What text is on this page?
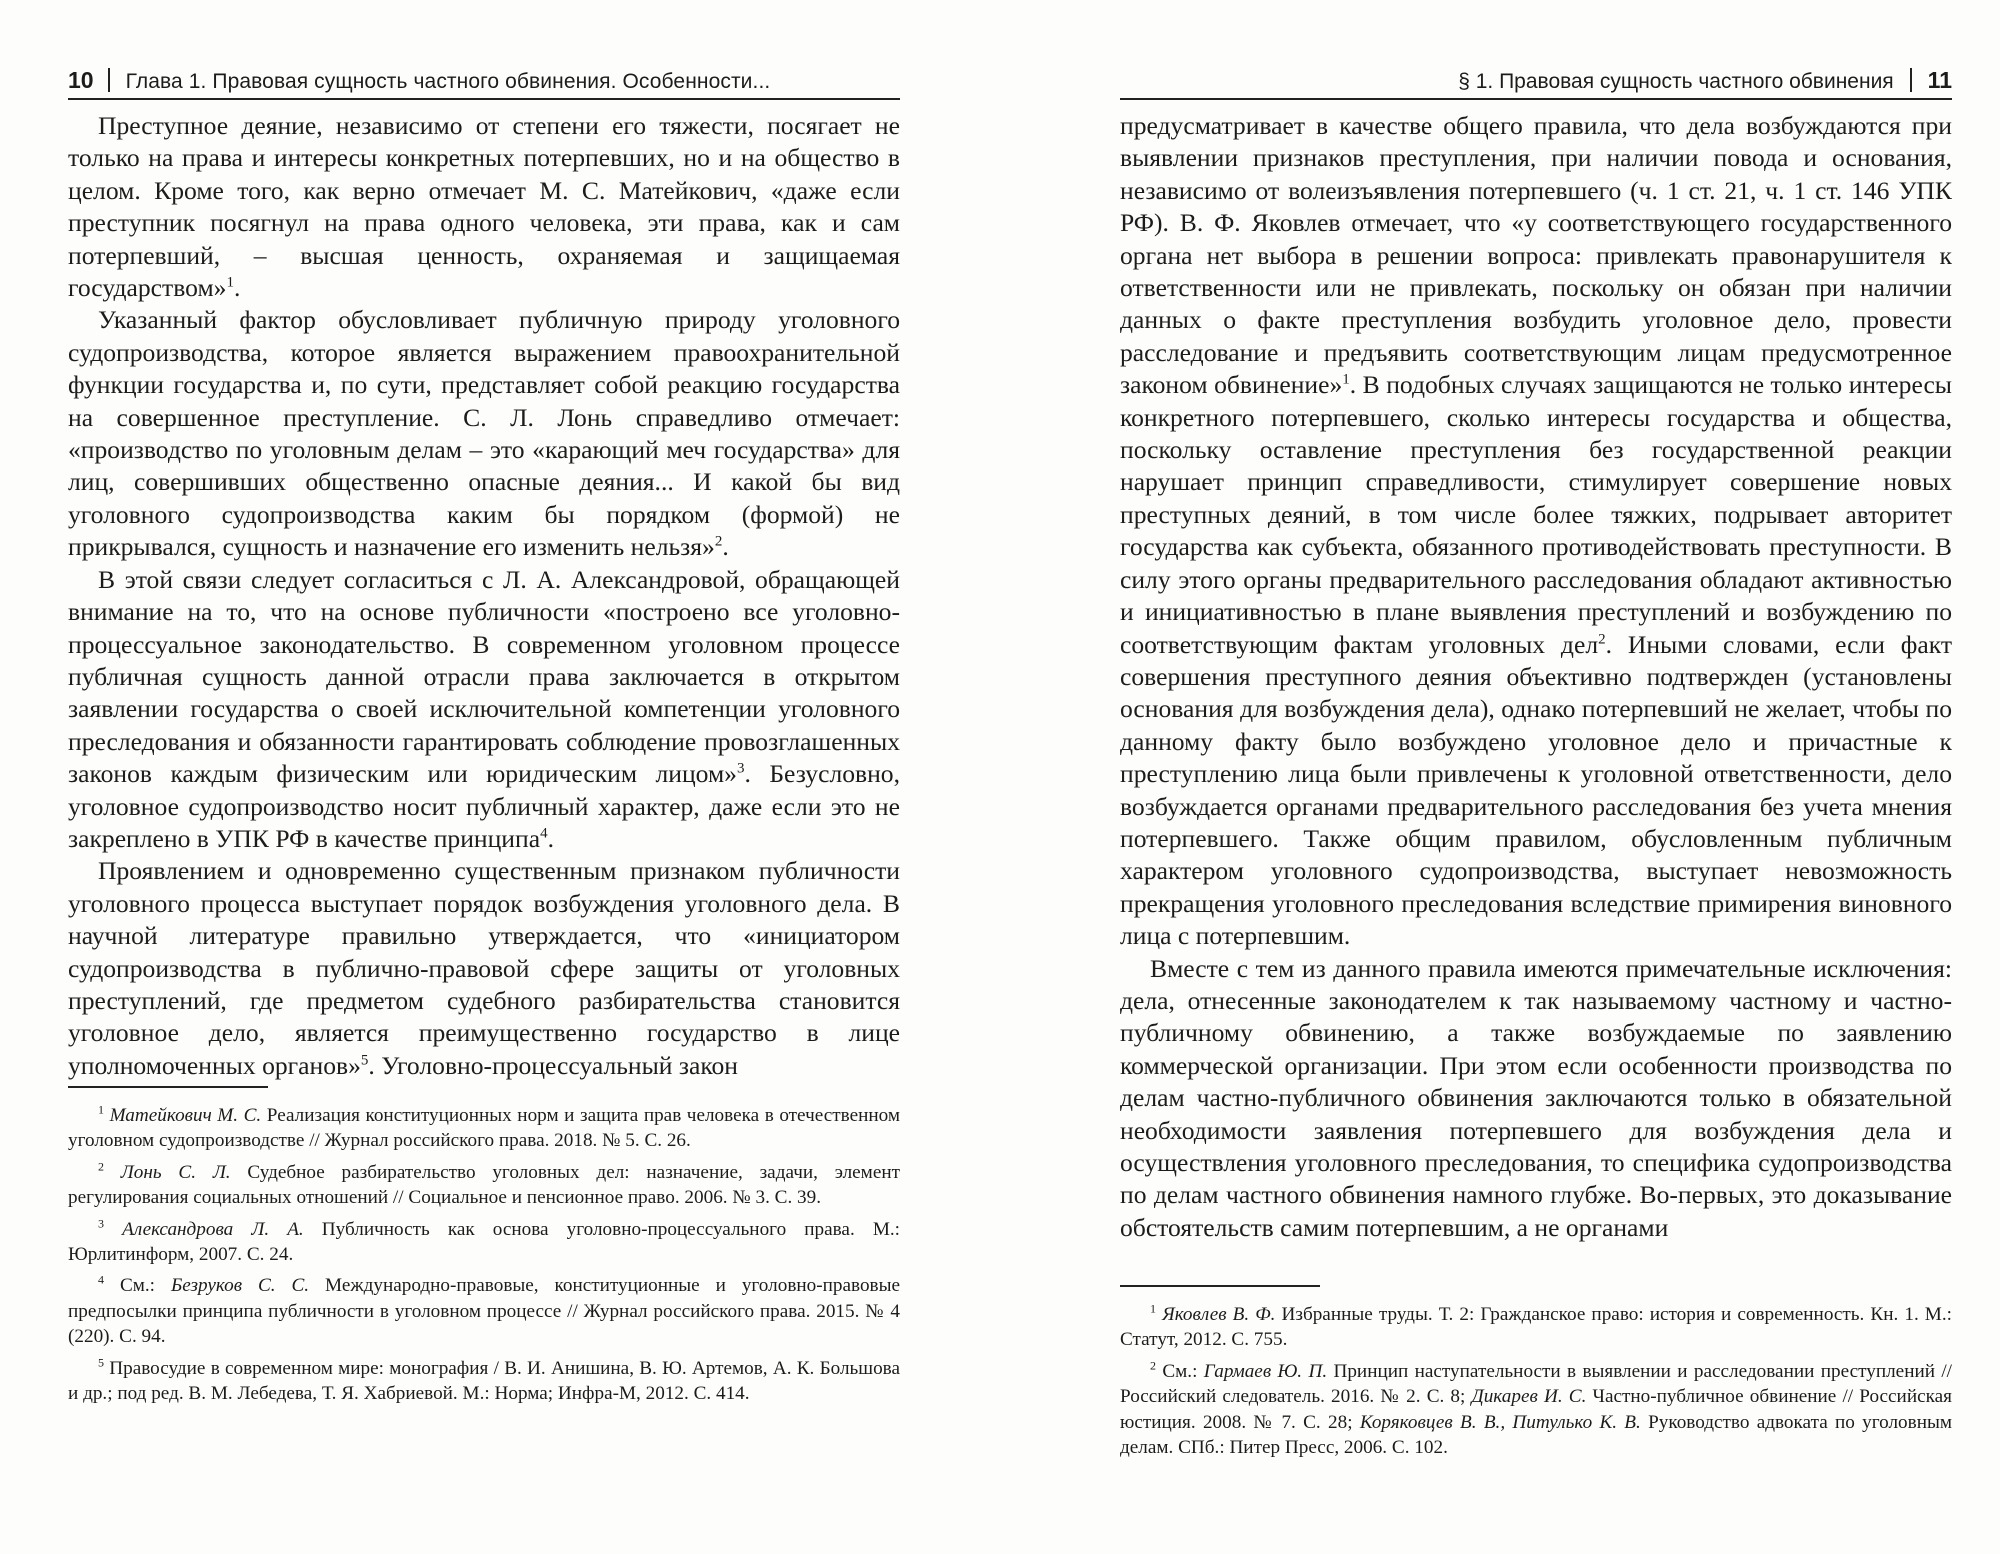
10 Глава 1. Правовая сущность частного обвинения. Особенности...

Преступное деяние, независимо от степени его тяжести, посягает не только на права и интересы конкретных потерпевших, но и на общество в целом. Кроме того, как верно отмечает М. С. Матейкович, «даже если преступник посягнул на права одного человека, эти права, как и сам потерпевший, – высшая ценность, охраняемая и защищаемая государством»$^1$.

Указанный фактор обусловливает публичную природу уголовного судопроизводства, которое является выражением правоохранительной функции государства и, по сути, представляет собой реакцию государства на совершенное преступление. С. Л. Лонь справедливо отмечает: «производство по уголовным делам – это «карающий меч государства» для лиц, совершивших общественно опасные деяния... И какой бы вид уголовного судопроизводства каким бы порядком (формой) не прикрывался, сущность и назначение его изменить нельзя»$^2$.

В этой связи следует согласиться с Л. А. Александровой, обращающей внимание на то, что на основе публичности «построено все уголовно-процессуальное законодательство. В современном уголовном процессе публичная сущность данной отрасли права заключается в открытом заявлении государства о своей исключительной компетенции уголовного преследования и обязанности гарантировать соблюдение провозглашенных законов каждым физическим или юридическим лицом»$^3$. Безусловно, уголовное судопроизводство носит публичный характер, даже если это не закреплено в УПК РФ в качестве принципа$^4$.

Проявлением и одновременно существенным признаком публичности уголовного процесса выступает порядок возбуждения уголовного дела. В научной литературе правильно утверждается, что «инициатором судопроизводства в публично-правовой сфере защиты от уголовных преступлений, где предметом судебного разбирательства становится уголовное дело, является преимущественно государство в лице уполномоченных органов»$^5$. Уголовно-процессуальный закон

$^1$ Матейкович М. С. Реализация конституционных норм и защита прав человека в отечественном уголовном судопроизводстве // Журнал российского права. 2018. № 5. С. 26.

$^2$ Лонь С. Л. Судебное разбирательство уголовных дел: назначение, задачи, элемент регулирования социальных отношений // Социальное и пенсионное право. 2006. № 3. С. 39.

$^3$ Александрова Л. А. Публичность как основа уголовно-процессуального права. М.: Юрлитинформ, 2007. С. 24.

$^4$ См.: Безруков С. С. Международно-правовые, конституционные и уголовно-правовые предпосылки принципа публичности в уголовном процессе // Журнал российского права. 2015. № 4 (220). С. 94.

$^5$ Правосудие в современном мире: монография / В. И. Анишина, В. Ю. Артемов, А. К. Большова и др.; под ред. В. М. Лебедева, Т. Я. Хабриевой. М.: Норма; Инфра-М, 2012. С. 414.

§ 1. Правовая сущность частного обвинения 11

предусматривает в качестве общего правила, что дела возбуждаются при выявлении признаков преступления, при наличии повода и основания, независимо от волеизъявления потерпевшего (ч. 1 ст. 21, ч. 1 ст. 146 УПК РФ). В. Ф. Яковлев отмечает, что «у соответствующего государственного органа нет выбора в решении вопроса: привлекать правонарушителя к ответственности или не привлекать, поскольку он обязан при наличии данных о факте преступления возбудить уголовное дело, провести расследование и предъявить соответствующим лицам предусмотренное законом обвинение»$^1$. В подобных случаях защищаются не только интересы конкретного потерпевшего, сколько интересы государства и общества, поскольку оставление преступления без государственной реакции нарушает принцип справедливости, стимулирует совершение новых преступных деяний, в том числе более тяжких, подрывает авторитет государства как субъекта, обязанного противодействовать преступности. В силу этого органы предварительного расследования обладают активностью и инициативностью в плане выявления преступлений и возбуждению по соответствующим фактам уголовных дел$^2$. Иными словами, если факт совершения преступного деяния объективно подтвержден (установлены основания для возбуждения дела), однако потерпевший не желает, чтобы по данному факту было возбуждено уголовное дело и причастные к преступлению лица были привлечены к уголовной ответственности, дело возбуждается органами предварительного расследования без учета мнения потерпевшего. Также общим правилом, обусловленным публичным характером уголовного судопроизводства, выступает невозможность прекращения уголовного преследования вследствие примирения виновного лица с потерпевшим.

Вместе с тем из данного правила имеются примечательные исключения: дела, отнесенные законодателем к так называемому частному и частно-публичному обвинению, а также возбуждаемые по заявлению коммерческой организации. При этом если особенности производства по делам частно-публичного обвинения заключаются только в обязательной необходимости заявления потерпевшего для возбуждения дела и осуществления уголовного преследования, то специфика судопроизводства по делам частного обвинения намного глубже. Во-первых, это доказывание обстоятельств самим потерпевшим, а не органами

$^1$ Яковлев В. Ф. Избранные труды. Т. 2: Гражданское право: история и современность. Кн. 1. М.: Статут, 2012. С. 755.

$^2$ См.: Гармаев Ю. П. Принцип наступательности в выявлении и расследовании преступлений // Российский следователь. 2016. № 2. С. 8; Дикарев И. С. Частно-публичное обвинение // Российская юстиция. 2008. № 7. С. 28; Коряковцев В. В., Питулько К. В. Руководство адвоката по уголовным делам. СПб.: Питер Пресс, 2006. С. 102.
